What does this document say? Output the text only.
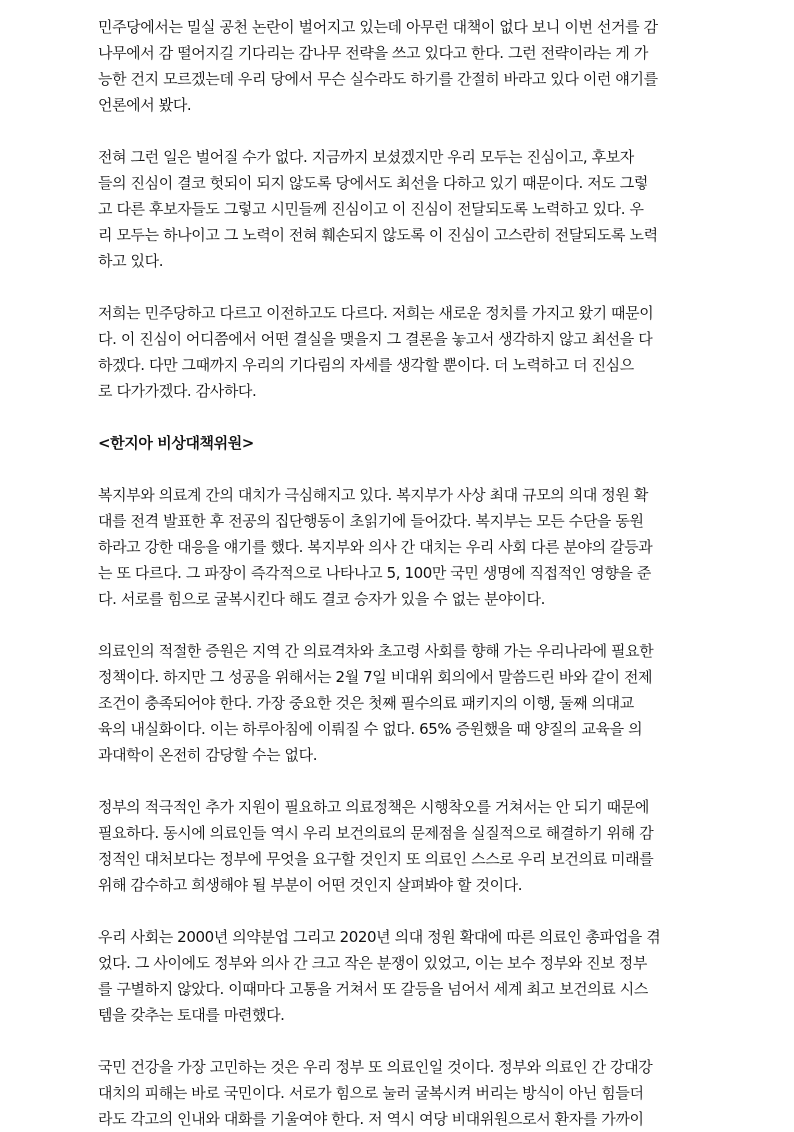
민주당에서는 밀실 공천 논란이 벌어지고 있는데 아무런 대책이 없다 보니 이번 선거를 감
나무에서 감 떨어지길 기다리는 감나무 전략을 쓰고 있다고 한다. 그런 전략이라는 게 가
능한 건지 모르겠는데 우리 당에서 무슨 실수라도 하기를 간절히 바라고 있다 이런 얘기를
언론에서 봤다.
전혀 그런 일은 벌어질 수가 없다. 지금까지 보셨겠지만 우리 모두는 진심이고, 후보자
들의 진심이 결코 헛되이 되지 않도록 당에서도 최선을 다하고 있기 때문이다. 저도 그렇
고 다른 후보자들도 그렇고 시민들께 진심이고 이 진심이 전달되도록 노력하고 있다. 우
리 모두는 하나이고 그 노력이 전혀 훼손되지 않도록 이 진심이 고스란히 전달되도록 노력
하고 있다.
저희는 민주당하고 다르고 이전하고도 다르다. 저희는 새로운 정치를 가지고 왔기 때문이
다. 이 진심이 어디쯤에서 어떤 결실을 맺을지 그 결론을 놓고서 생각하지 않고 최선을 다
하겠다. 다만 그때까지 우리의 기다림의 자세를 생각할 뿐이다. 더 노력하고 더 진심으
로 다가가겠다. 감사하다.
<한지아 비상대책위원>
복지부와 의료계 간의 대치가 극심해지고 있다. 복지부가 사상 최대 규모의 의대 정원 확
대를 전격 발표한 후 전공의 집단행동이 초읽기에 들어갔다. 복지부는 모든 수단을 동원
하라고 강한 대응을 얘기를 했다. 복지부와 의사 간 대치는 우리 사회 다른 분야의 갈등과
는 또 다르다. 그 파장이 즉각적으로 나타나고 5, 100만 국민 생명에 직접적인 영향을 준
다. 서로를 힘으로 굴복시킨다 해도 결코 승자가 있을 수 없는 분야이다.
의료인의 적절한 증원은 지역 간 의료격차와 초고령 사회를 향해 가는 우리나라에 필요한
정책이다. 하지만 그 성공을 위해서는 2월 7일 비대위 회의에서 말씀드린 바와 같이 전제
조건이 충족되어야 한다. 가장 중요한 것은 첫째 필수의료 패키지의 이행, 둘째 의대교
육의 내실화이다. 이는 하루아침에 이뤄질 수 없다. 65% 증원했을 때 양질의 교육을 의
과대학이 온전히 감당할 수는 없다.
정부의 적극적인 추가 지원이 필요하고 의료정책은 시행착오를 거쳐서는 안 되기 때문에
필요하다. 동시에 의료인들 역시 우리 보건의료의 문제점을 실질적으로 해결하기 위해 감
정적인 대처보다는 정부에 무엇을 요구할 것인지 또 의료인 스스로 우리 보건의료 미래를
위해 감수하고 희생해야 될 부분이 어떤 것인지 살펴봐야 할 것이다.
우리 사회는 2000년 의약분업 그리고 2020년 의대 정원 확대에 따른 의료인 총파업을 겪
었다. 그 사이에도 정부와 의사 간 크고 작은 분쟁이 있었고, 이는 보수 정부와 진보 정부
를 구별하지 않았다. 이때마다 고통을 거쳐서 또 갈등을 넘어서 세계 최고 보건의료 시스
템을 갖추는 토대를 마련했다.
국민 건강을 가장 고민하는 것은 우리 정부 또 의료인일 것이다. 정부와 의료인 간 강대강
대치의 피해는 바로 국민이다. 서로가 힘으로 눌러 굴복시켜 버리는 방식이 아닌 힘들더
라도 각고의 인내와 대화를 기울여야 한다. 저 역시 여당 비대위원으로서 환자를 가까이
